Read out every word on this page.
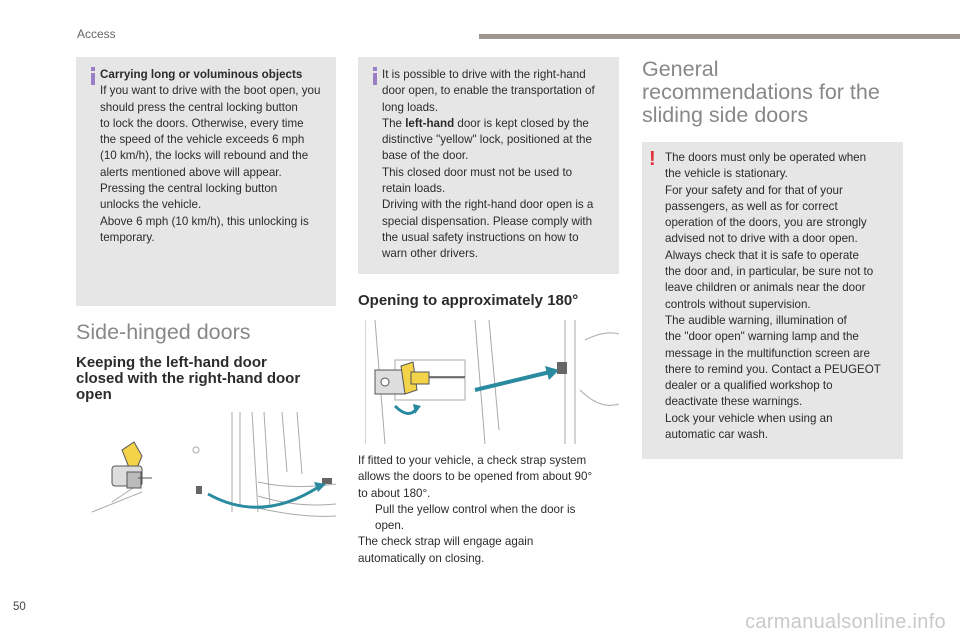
Access

Carrying long or voluminous objects

If you want to drive with the boot open, you

should press the central locking button

to lock the doors. Otherwise, every time

the speed of the vehicle exceeds 6 mph

(10 km/h), the locks will rebound and the

alerts mentioned above will appear.

Pressing the central locking button

unlocks the vehicle.

Above 6 mph (10 km/h), this unlocking is

temporary.

Side-hinged doors
Keeping the left-hand door
closed with the right-hand door
open

It is possible to drive with the right-hand

door open, to enable the transportation of

long loads.

The left-hand door is kept closed by the

distinctive "yellow" lock, positioned at the

base of the door.

This closed door must not be used to

retain loads.

Driving with the right-hand door open is a

special dispensation. Please comply with

the usual safety instructions on how to

warn other drivers.

Opening to approximately 180°

If fitted to your vehicle, a check strap system

allows the doors to be opened from about 90°

to about 180°.

Pull the yellow control when the door is
open.

The check strap will engage again

automatically on closing.

General
recommendations for the
sliding side doors
! The doors must only be operated when

the vehicle is stationary.

For your safety and for that of your

passengers, as well as for correct

operation of the doors, you are strongly

advised not to drive with a door open.

Always check that it is safe to operate

the door and, in particular, be sure not to

leave children or animals near the door

controls without supervision.

The audible warning, illumination of

the "door open" warning lamp and the

message in the multifunction screen are

there to remind you. Contact a PEUGEOT

dealer or a qualified workshop to

deactivate these warnings.

Lock your vehicle when using an

automatic car wash.

50
carmanualsonline.info
